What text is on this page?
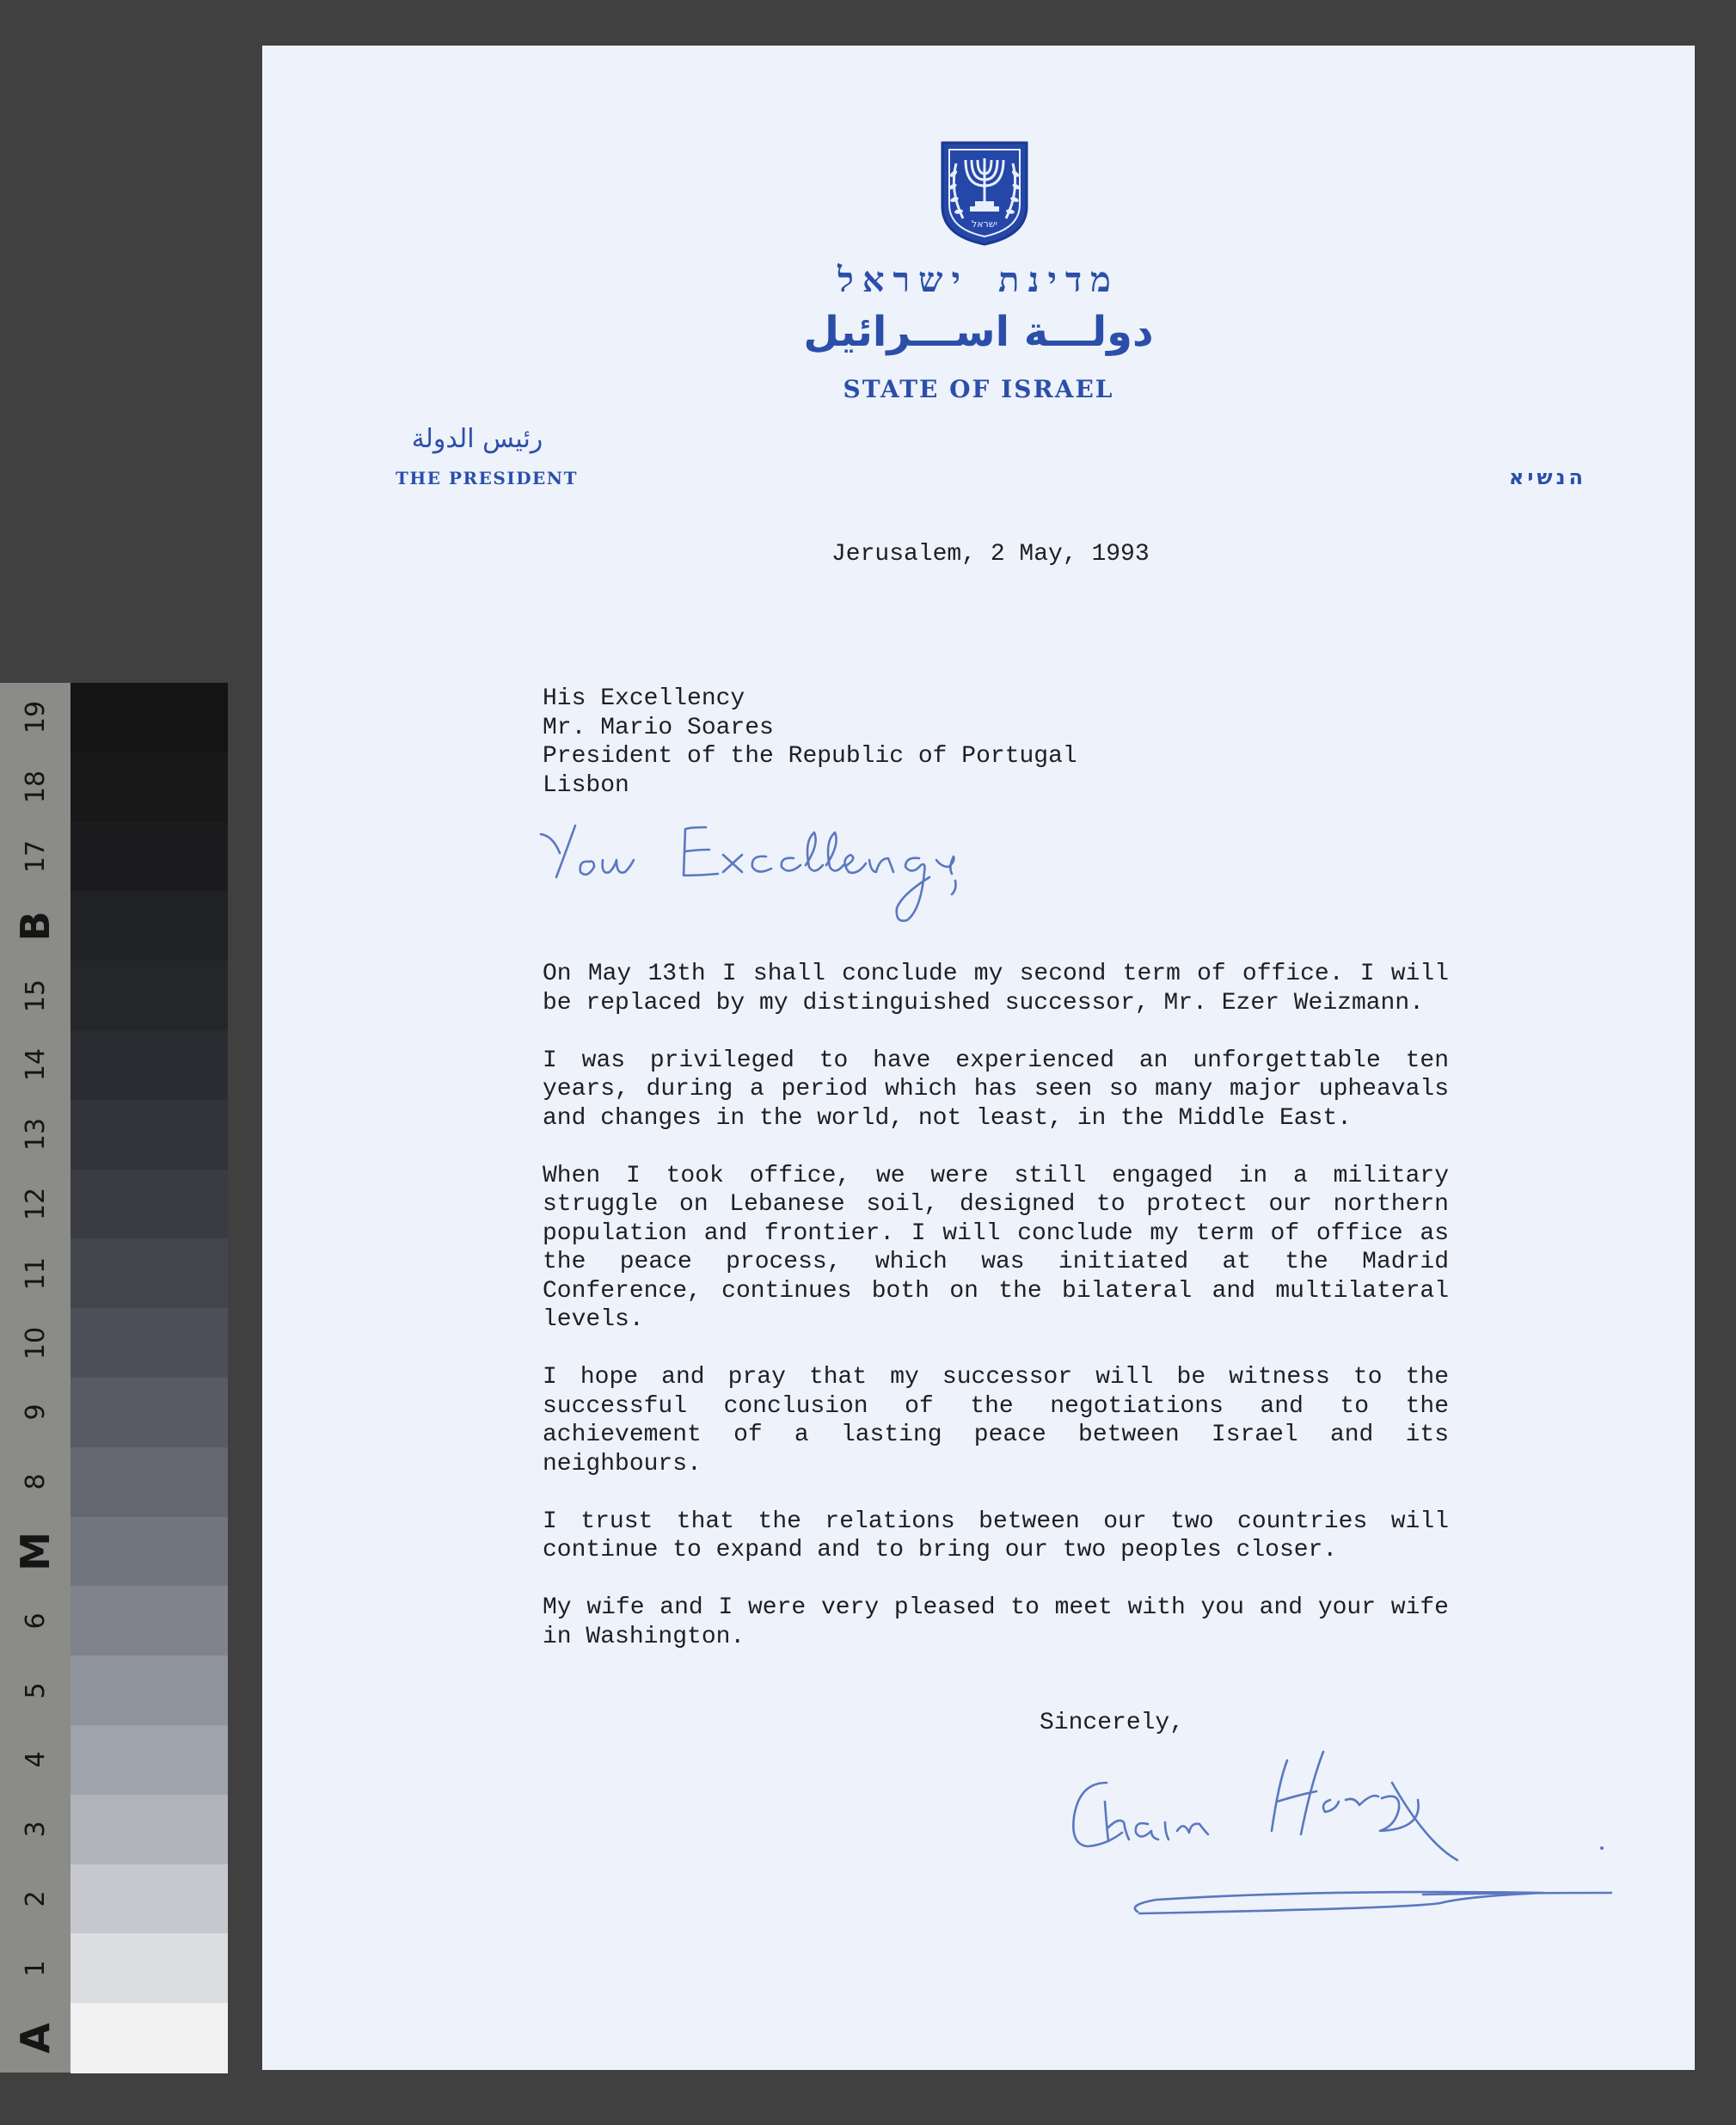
19
18
17
B
15
14
13
12
11
10
9
8
M
6
5
4
3
2
1
A
ישראל

מדינת ישראל

دولـــة اســـرائيل

STATE OF ISRAEL

رئيس الدولة
THE PRESIDENT	הנשיא
Jerusalem, 2 May, 1993
His Excellency
Mr. Mario Soares
President of the Republic of Portugal
Lisbon

On May 13th I shall conclude my second term of office. I will be replaced by my distinguished successor, Mr. Ezer Weizmann.

I was privileged to have experienced an unforgettable ten years, during a period which has seen so many major upheavals and changes in the world, not least, in the Middle East.

When I took office, we were still engaged in a military struggle on Lebanese soil, designed to protect our northern population and frontier. I will conclude my term of office as the peace process, which was initiated at the Madrid Conference, continues both on the bilateral and multilateral levels.

I hope and pray that my successor will be witness to the successful conclusion of the negotiations and to the achievement of a lasting peace between Israel and its neighbours.

I trust that the relations between our two countries will continue to expand and to bring our two peoples closer.

My wife and I were very pleased to meet with you and your wife in Washington.

Sincerely,
